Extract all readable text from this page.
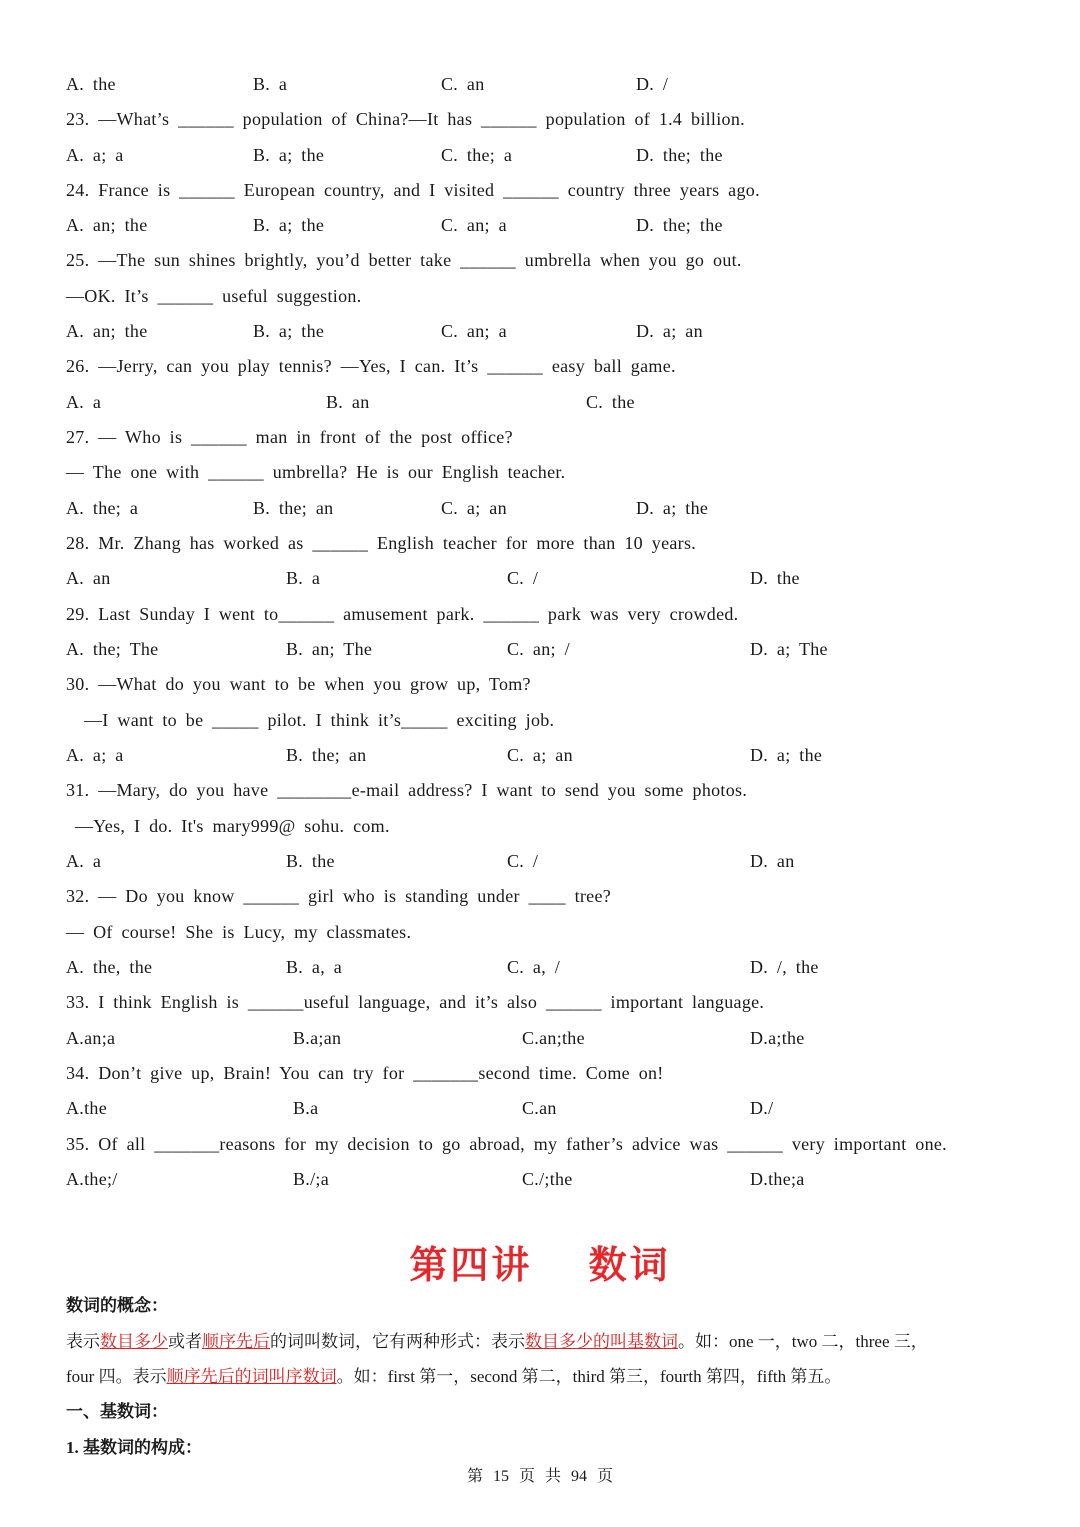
A. the	B. a	C. an	D. /
23. —What’s ______ population of China?—It has ______ population of 1.4 billion.
A. a; a	B. a; the	C. the; a	D. the; the
24. France is ______ European country, and I visited ______ country three years ago.
A. an; the	B. a; the	C. an; a	D. the; the
25. —The sun shines brightly, you’d better take ______ umbrella when you go out.
—OK. It’s ______ useful suggestion.
A. an; the	B. a; the	C. an; a	D. a; an
26. —Jerry, can you play tennis? —Yes, I can. It’s ______ easy ball game.
A. a	B. an	C. the
27. — Who is ______ man in front of the post office?
— The one with ______ umbrella? He is our English teacher.
A. the; a	B. the; an	C. a; an	D. a; the
28. Mr. Zhang has worked as ______ English teacher for more than 10 years.
A. an	B. a	C. /	D. the
29. Last Sunday I went to______ amusement park. ______ park was very crowded.
A. the; The	B. an; The	C. an; /	D. a; The
30. —What do you want to be when you grow up, Tom?
—I want to be _____ pilot. I think it’s_____ exciting job.
A. a; a	B. the; an	C. a; an	D. a; the
31. —Mary, do you have ________e-mail address? I want to send you some photos.
—Yes, I do. It's mary999@ sohu. com.
A. a	B. the	C. /	D. an
32. — Do you know ______ girl who is standing under ____ tree?
— Of course! She is Lucy, my classmates.
A. the, the	B. a, a	C. a, /	D. /, the
33. I think English is ______useful language, and it’s also ______ important language.
A.an;a	B.a;an	C.an;the	D.a;the
34. Don’t give up, Brain! You can try for _______second time. Come on!
A.the	B.a	C.an	D./
35. Of all _______reasons for my decision to go abroad, my father’s advice was ______ very important one.
A.the;/	B./;a	C./;the	D.the;a
第四讲 数词
数词的概念：
表示数目多少或者顺序先后的词叫数词，它有两种形式：表示数目多少的叫基数词。如：one 一，two 二，three 三，
four 四。表示顺序先后的词叫序数词。如：first 第一，second 第二，third 第三，fourth 第四，fifth 第五。
一、基数词：
1. 基数词的构成：
第 15 页 共 94 页
